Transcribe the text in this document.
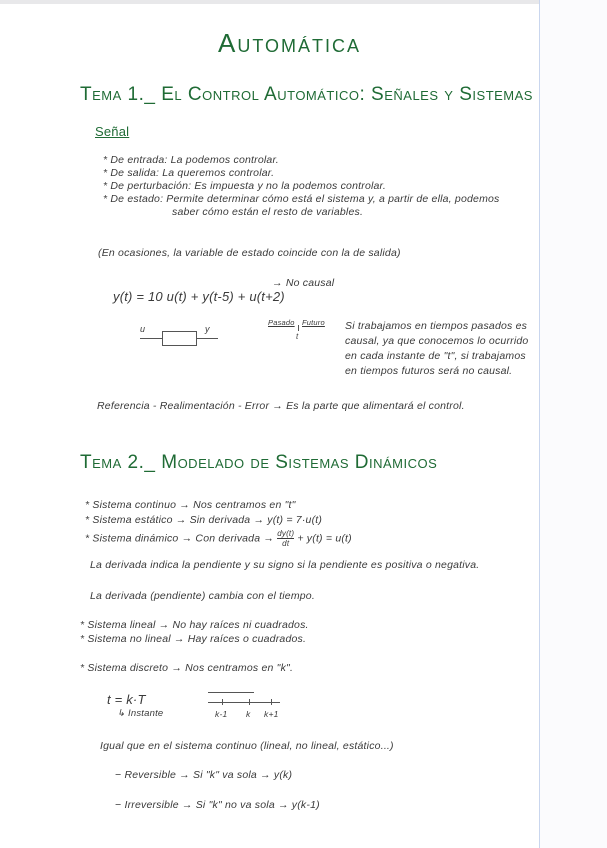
Automática
Tema 1._ El Control Automático: Señales y Sistemas
Señal
* De entrada: La podemos controlar.
* De salida: La queremos controlar.
* De perturbación: Es impuesta y no la podemos controlar.
* De estado: Permite determinar cómo está el sistema y, a partir de ella, podemos
saber cómo están el resto de variables.
(En ocasiones, la variable de estado coincide con la de salida)
→ No causal
y(t) = 10 u(t) + y(t-5) + u(t+2)
u	y
Pasado Futuro
t
Si trabajamos en tiempos pasados es
causal, ya que conocemos lo ocurrido
en cada instante de "t", si trabajamos
en tiempos futuros será no causal.
Referencia - Realimentación - Error → Es la parte que alimentará el control.
Tema 2._ Modelado de Sistemas Dinámicos
* Sistema continuo → Nos centramos en "t"
* Sistema estático → Sin derivada → y(t) = 7·u(t)
* Sistema dinámico → Con derivada → $\frac{dy(t)}{dt} + y(t) = u(t)$
La derivada indica la pendiente y su signo si la pendiente es positiva o negativa.
La derivada (pendiente) cambia con el tiempo.
* Sistema lineal → No hay raíces ni cuadrados.
* Sistema no lineal → Hay raíces o cuadrados.
* Sistema discreto → Nos centramos en "k".
t = k·T
↳ Instante	k-1 k k+1
Igual que en el sistema continuo (lineal, no lineal, estático...)
− Reversible → Si "k" va sola → y(k)
− Irreversible → Si "k" no va sola → y(k-1)
